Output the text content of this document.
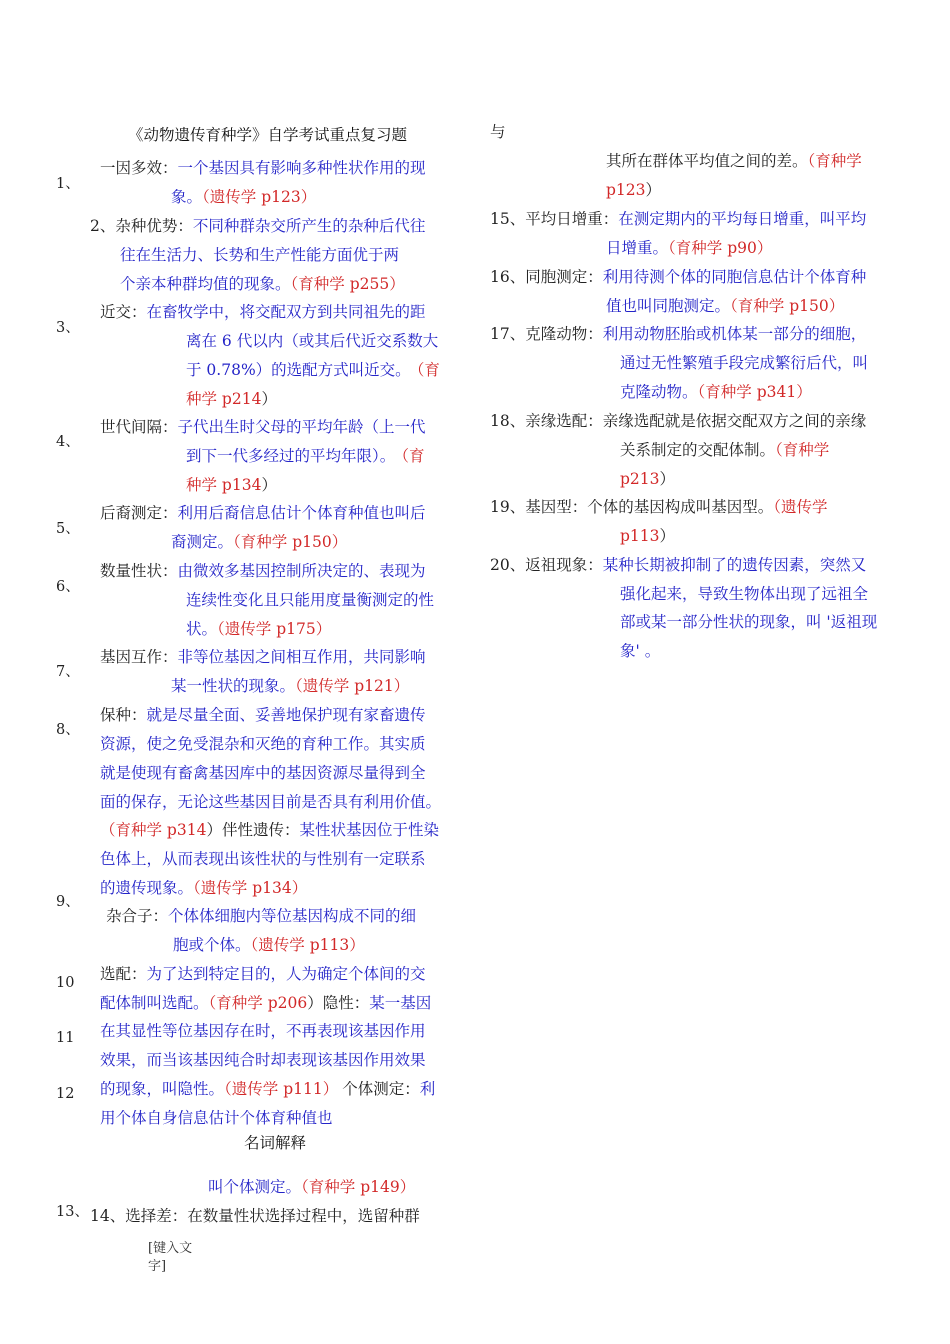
《动物遗传育种学》自学考试重点复习题	与
1、
3、
4、
5、
6、
7、
8、
9、
10
11
12
13、
一因多效：一个基因具有影响多种性状作用的现
象。（遗传学 p123）
2、杂种优势：不同种群杂交所产生的杂种后代往
往在生活力、长势和生产性能方面优于两
个亲本种群均值的现象。（育种学 p255）
近交：在畜牧学中，将交配双方到共同祖先的距
离在 6 代以内（或其后代近交系数大
于 0.78%）的选配方式叫近交。 （育
种学 p214）
世代间隔：子代出生时父母的平均年龄（上一代
到下一代多经过的平均年限）。 （育
种学 p134）
后裔测定：利用后裔信息估计个体育种值也叫后
裔测定。（育种学 p150）
数量性状：由微效多基因控制所决定的、表现为
连续性变化且只能用度量衡测定的性
状。（遗传学 p175）
基因互作：非等位基因之间相互作用，共同影响
某一性状的现象。（遗传学 p121）
保种：就是尽量全面、妥善地保护现有家畜遗传
资源，使之免受混杂和灭绝的育种工作。其实质
就是使现有畜禽基因库中的基因资源尽量得到全
面的保存，无论这些基因目前是否具有利用价值。
（育种学 p314）伴性遗传：某性状基因位于性染
色体上，从而表现出该性状的与性别有一定联系
的遗传现象。（遗传学 p134）
杂合子：个体体细胞内等位基因构成不同的细
胞或个体。（遗传学 p113）
选配：为了达到特定目的，人为确定个体间的交
配体制叫选配。（育种学 p206）隐性：某一基因
在其显性等位基因存在时，不再表现该基因作用
效果，而当该基因纯合时却表现该基因作用效果
的现象，叫隐性。（遗传学 p111） 个体测定：利
用个体自身信息估计个体育种值也
名词解释
叫个体测定。（育种学 p149）
14、选择差：在数量性状选择过程中，选留种群
[键入文字]
其所在群体平均值之间的差。（育种学
p123）
15、平均日增重：在测定期内的平均每日增重，叫平均
日增重。（育种学 p90）
16、同胞测定：利用待测个体的同胞信息估计个体育种
值也叫同胞测定。（育种学 p150）
17、克隆动物：利用动物胚胎或机体某一部分的细胞，
通过无性繁殖手段完成繁衍后代，叫
克隆动物。（育种学 p341）
18、亲缘选配：亲缘选配就是依据交配双方之间的亲缘
关系制定的交配体制。（育种学
p213）
19、基因型：个体的基因构成叫基因型。（遗传学
p113）
20、返祖现象：某种长期被抑制了的遗传因素，突然又
强化起来，导致生物体出现了远祖全
部或某一部分性状的现象，叫 '返祖现
象' 。
